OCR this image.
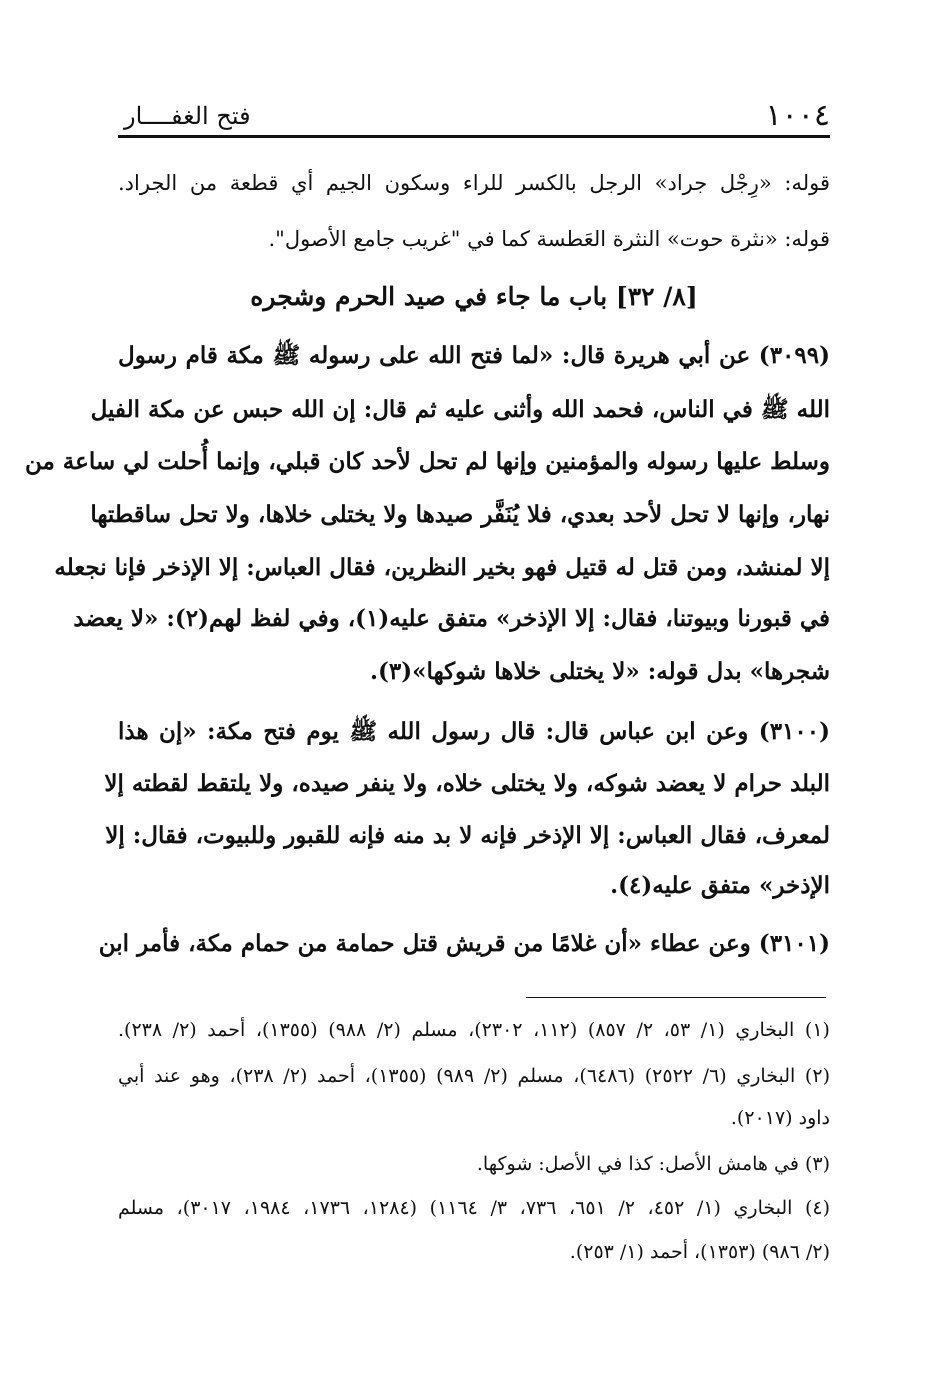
١٠٠٤
فتح الغفــــار
قوله: «رِجْل جراد» الرجل بالكسر للراء وسكون الجيم أي قطعة من الجراد.
قوله: «نثرة حوت» النثرة العَطسة كما في "غريب جامع الأصول".
[٨/ ٣٢] باب ما جاء في صيد الحرم وشجره
(٣٠٩٩) عن أبي هريرة قال: «لما فتح الله على رسوله ﷺ مكة قام رسول
الله ﷺ في الناس، فحمد الله وأثنى عليه ثم قال: إن الله حبس عن مكة الفيل
وسلط عليها رسوله والمؤمنين وإنها لم تحل لأحد كان قبلي، وإنما أُحلت لي ساعة من
نهار، وإنها لا تحل لأحد بعدي، فلا يُنَفَّر صيدها ولا يختلى خلاها، ولا تحل ساقطتها
إلا لمنشد، ومن قتل له قتيل فهو بخير النظرين، فقال العباس: إلا الإذخر فإنا نجعله
في قبورنا وبيوتنا، فقال: إلا الإذخر» متفق عليه(١)، وفي لفظ لهم(٢): «لا يعضد
شجرها» بدل قوله: «لا يختلى خلاها شوكها»(٣).
(٣١٠٠) وعن ابن عباس قال: قال رسول الله ﷺ يوم فتح مكة: «إن هذا
البلد حرام لا يعضد شوكه، ولا يختلى خلاه، ولا ينفر صيده، ولا يلتقط لقطته إلا
لمعرف، فقال العباس: إلا الإذخر فإنه لا بد منه فإنه للقبور وللبيوت، فقال: إلا
الإذخر» متفق عليه(٤).
(٣١٠١) وعن عطاء «أن غلامًا من قريش قتل حمامة من حمام مكة، فأمر ابن
(١) البخاري (١/ ٥٣، ٢/ ٨٥٧) (١١٢، ٢٣٠٢)، مسلم (٢/ ٩٨٨) (١٣٥٥)، أحمد (٢/ ٢٣٨).
(٢) البخاري (٦/ ٢٥٢٢) (٦٤٨٦)، مسلم (٢/ ٩٨٩) (١٣٥٥)، أحمد (٢/ ٢٣٨)، وهو عند أبي
داود (٢٠١٧).
(٣) في هامش الأصل: كذا في الأصل: شوكها.
(٤) البخاري (١/ ٤٥٢، ٢/ ٦٥١، ٧٣٦، ٣/ ١١٦٤) (١٢٨٤، ١٧٣٦، ١٩٨٤، ٣٠١٧)، مسلم
(٢/ ٩٨٦) (١٣٥٣)، أحمد (١/ ٢٥٣).
